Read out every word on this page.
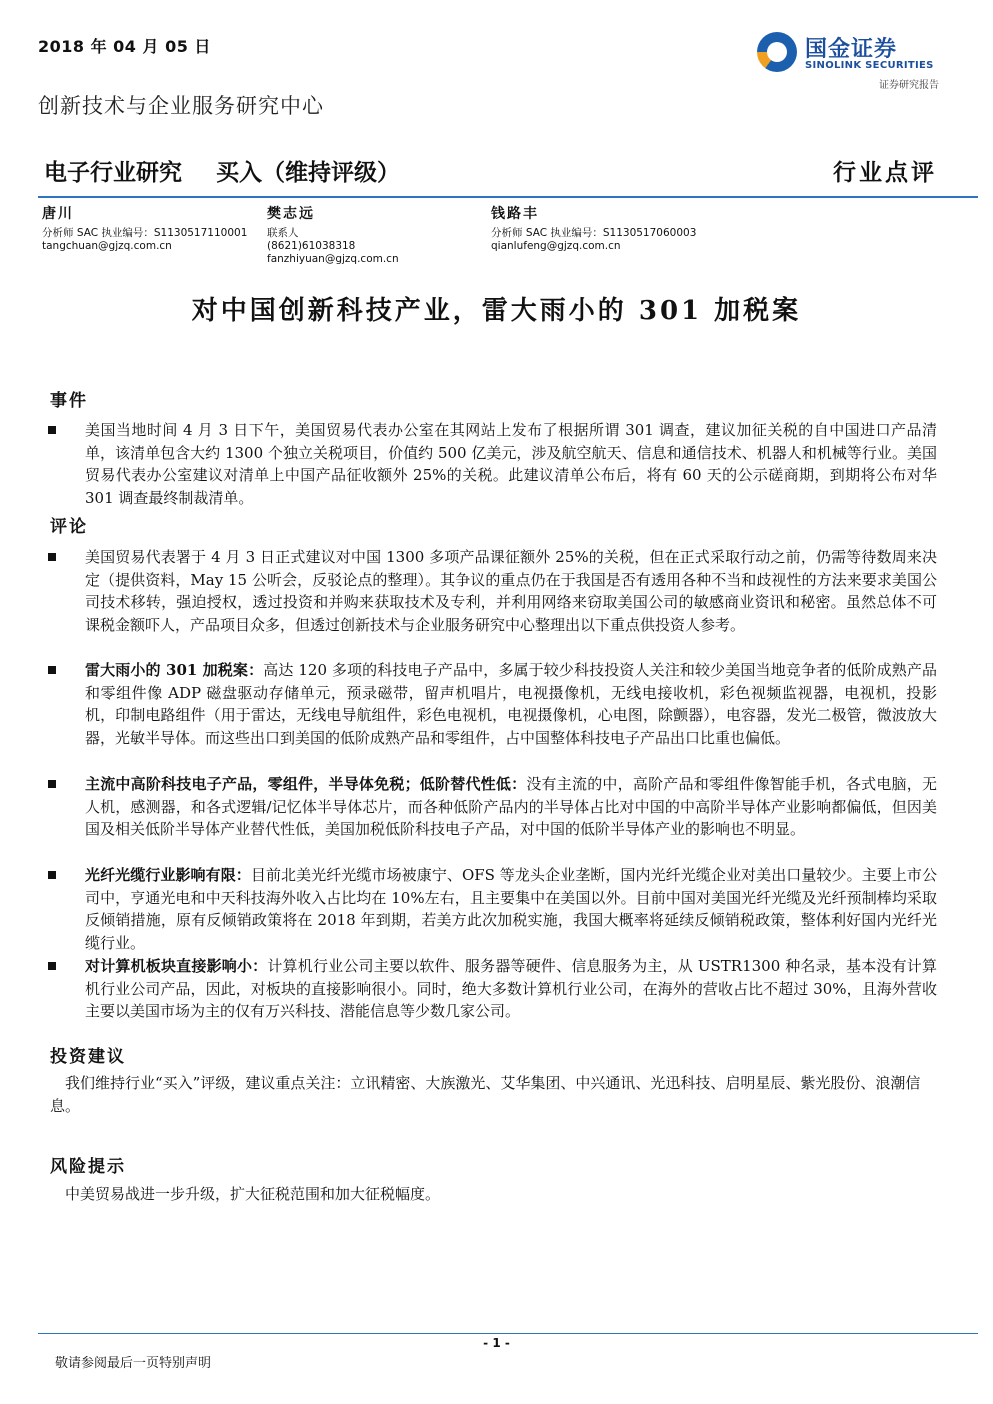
2018 年 04 月 05 日	国金证券
SINOLINK SECURITIES
证券研究报告
创新技术与企业服务研究中心
电子行业研究 买入（维持评级）	行业点评
唐川
分析师 SAC 执业编号：S1130517110001
tangchuan@gjzq.com.cn
樊志远
联系人
(8621)61038318
fanzhiyuan@gjzq.com.cn
钱路丰
分析师 SAC 执业编号：S1130517060003
qianlufeng@gjzq.com.cn
对中国创新科技产业，雷大雨小的 301 加税案
事件
美国当地时间 4 月 3 日下午，美国贸易代表办公室在其网站上发布了根据所谓 301 调查，建议加征关税的自中国进口产品清单，该清单包含大约 1300 个独立关税项目，价值约 500 亿美元，涉及航空航天、信息和通信技术、机器人和机械等行业。美国贸易代表办公室建议对清单上中国产品征收额外 25%的关税。此建议清单公布后，将有 60 天的公示磋商期，到期将公布对华 301 调查最终制裁清单。
评论
美国贸易代表署于 4 月 3 日正式建议对中国 1300 多项产品课征额外 25%的关税，但在正式采取行动之前，仍需等待数周来决定（提供资料，May 15 公听会，反驳论点的整理）。其争议的重点仍在于我国是否有透用各种不当和歧视性的方法来要求美国公司技术移转，强迫授权，透过投资和并购来获取技术及专利，并利用网络来窃取美国公司的敏感商业资讯和秘密。虽然总体不可课税金额吓人，产品项目众多，但透过创新技术与企业服务研究中心整理出以下重点供投资人参考。
雷大雨小的 301 加税案：高达 120 多项的科技电子产品中，多属于较少科技投资人关注和较少美国当地竞争者的低阶成熟产品和零组件像 ADP 磁盘驱动存储单元，预录磁带，留声机唱片，电视摄像机，无线电接收机，彩色视频监视器，电视机，投影机，印制电路组件（用于雷达，无线电导航组件，彩色电视机，电视摄像机，心电图，除颤器），电容器，发光二极管，微波放大器，光敏半导体。而这些出口到美国的低阶成熟产品和零组件，占中国整体科技电子产品出口比重也偏低。
主流中高阶科技电子产品，零组件，半导体免税；低阶替代性低：没有主流的中，高阶产品和零组件像智能手机，各式电脑，无人机，感测器，和各式逻辑/记忆体半导体芯片，而各种低阶产品内的半导体占比对中国的中高阶半导体产业影响都偏低，但因美国及相关低阶半导体产业替代性低，美国加税低阶科技电子产品，对中国的低阶半导体产业的影响也不明显。
光纤光缆行业影响有限：目前北美光纤光缆市场被康宁、OFS 等龙头企业垄断，国内光纤光缆企业对美出口量较少。主要上市公司中，亨通光电和中天科技海外收入占比均在 10%左右，且主要集中在美国以外。目前中国对美国光纤光缆及光纤预制棒均采取反倾销措施，原有反倾销政策将在 2018 年到期，若美方此次加税实施，我国大概率将延续反倾销税政策，整体利好国内光纤光缆行业。
对计算机板块直接影响小：计算机行业公司主要以软件、服务器等硬件、信息服务为主，从 USTR1300 种名录，基本没有计算机行业公司产品，因此，对板块的直接影响很小。同时，绝大多数计算机行业公司，在海外的营收占比不超过 30%，且海外营收主要以美国市场为主的仅有万兴科技、潜能信息等少数几家公司。
投资建议
我们维持行业“买入”评级，建议重点关注：立讯精密、大族激光、艾华集团、中兴通讯、光迅科技、启明星辰、紫光股份、浪潮信息。
风险提示
中美贸易战进一步升级，扩大征税范围和加大征税幅度。
- 1 -
敬请参阅最后一页特别声明
